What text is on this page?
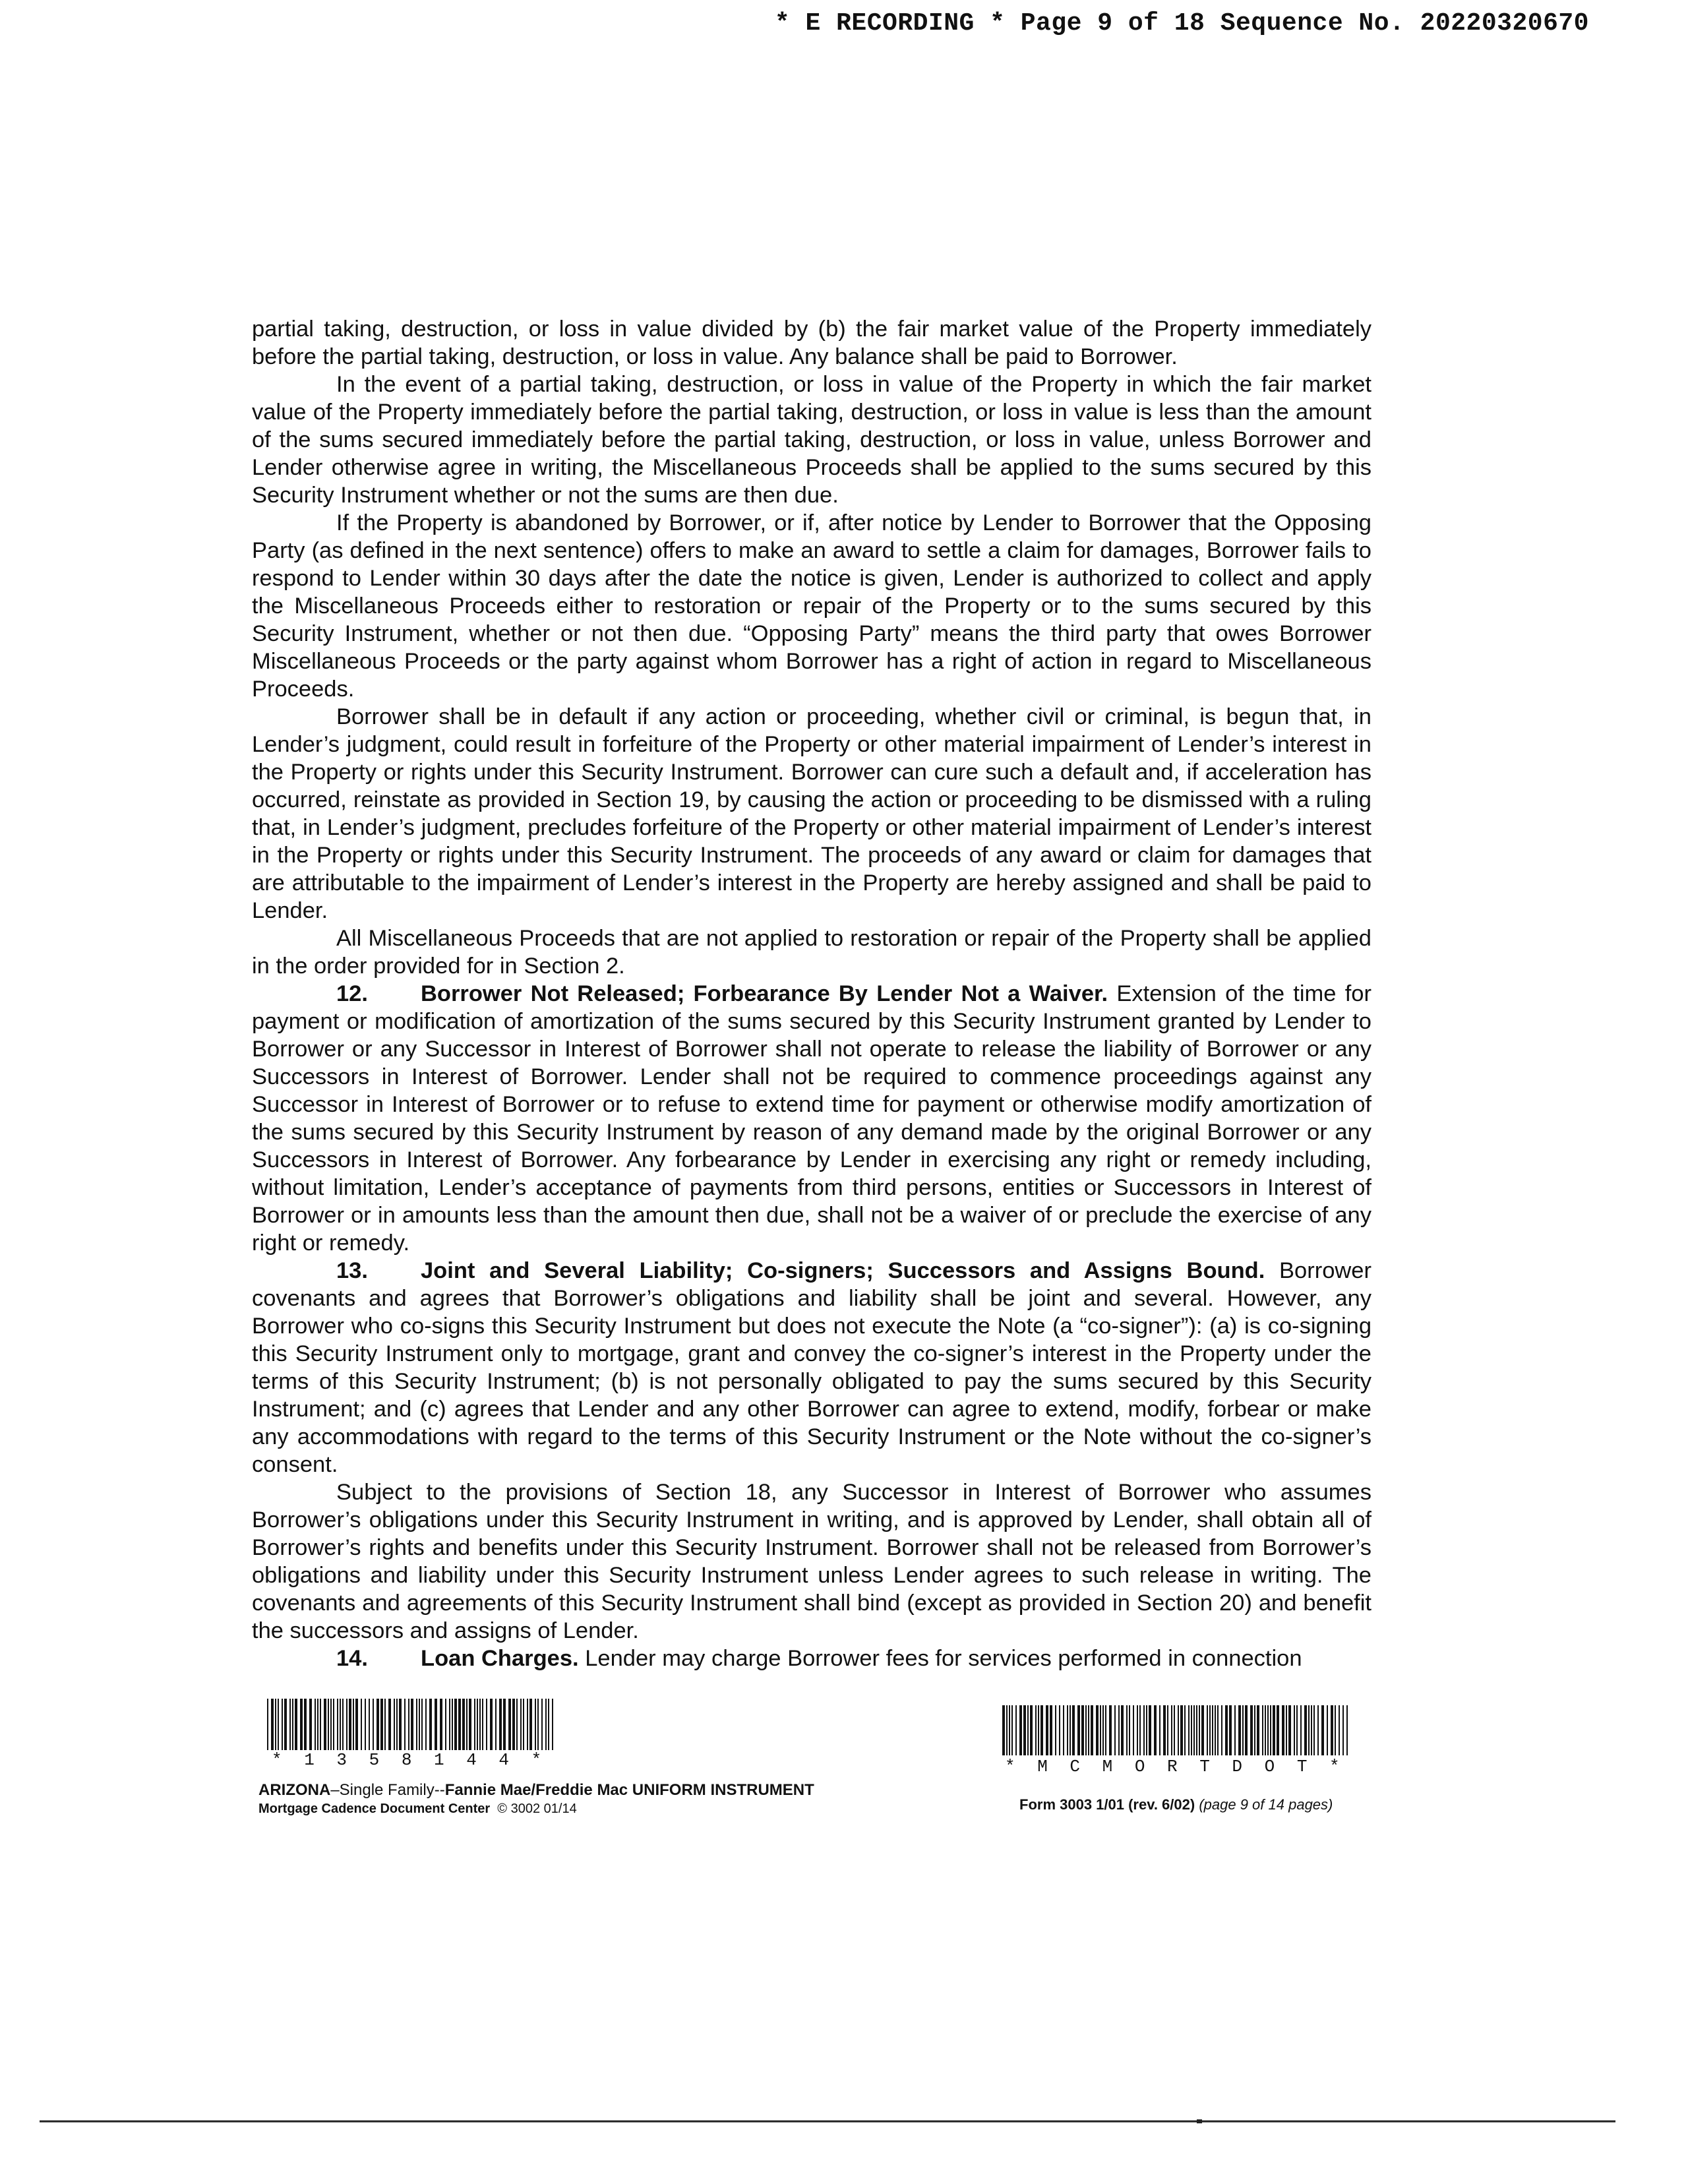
* E RECORDING * Page 9 of 18 Sequence No. 20220320670

partial taking, destruction, or loss in value divided by (b) the fair market value of the Property immediately before the partial taking, destruction, or loss in value. Any balance shall be paid to Borrower.

In the event of a partial taking, destruction, or loss in value of the Property in which the fair market value of the Property immediately before the partial taking, destruction, or loss in value is less than the amount of the sums secured immediately before the partial taking, destruction, or loss in value, unless Borrower and Lender otherwise agree in writing, the Miscellaneous Proceeds shall be applied to the sums secured by this Security Instrument whether or not the sums are then due.

If the Property is abandoned by Borrower, or if, after notice by Lender to Borrower that the Opposing Party (as defined in the next sentence) offers to make an award to settle a claim for damages, Borrower fails to respond to Lender within 30 days after the date the notice is given, Lender is authorized to collect and apply the Miscellaneous Proceeds either to restoration or repair of the Property or to the sums secured by this Security Instrument, whether or not then due. “Opposing Party” means the third party that owes Borrower Miscellaneous Proceeds or the party against whom Borrower has a right of action in regard to Miscellaneous Proceeds.

Borrower shall be in default if any action or proceeding, whether civil or criminal, is begun that, in Lender’s judgment, could result in forfeiture of the Property or other material impairment of Lender’s interest in the Property or rights under this Security Instrument. Borrower can cure such a default and, if acceleration has occurred, reinstate as provided in Section 19, by causing the action or proceeding to be dismissed with a ruling that, in Lender’s judgment, precludes forfeiture of the Property or other material impairment of Lender’s interest in the Property or rights under this Security Instrument. The proceeds of any award or claim for damages that are attributable to the impairment of Lender’s interest in the Property are hereby assigned and shall be paid to Lender.

All Miscellaneous Proceeds that are not applied to restoration or repair of the Property shall be applied in the order provided for in Section 2.

12. Borrower Not Released; Forbearance By Lender Not a Waiver. Extension of the time for payment or modification of amortization of the sums secured by this Security Instrument granted by Lender to Borrower or any Successor in Interest of Borrower shall not operate to release the liability of Borrower or any Successors in Interest of Borrower. Lender shall not be required to commence proceedings against any Successor in Interest of Borrower or to refuse to extend time for payment or otherwise modify amortization of the sums secured by this Security Instrument by reason of any demand made by the original Borrower or any Successors in Interest of Borrower. Any forbearance by Lender in exercising any right or remedy including, without limitation, Lender’s acceptance of payments from third persons, entities or Successors in Interest of Borrower or in amounts less than the amount then due, shall not be a waiver of or preclude the exercise of any right or remedy.

13. Joint and Several Liability; Co-signers; Successors and Assigns Bound. Borrower covenants and agrees that Borrower’s obligations and liability shall be joint and several. However, any Borrower who co-signs this Security Instrument but does not execute the Note (a “co-signer”): (a) is co-signing this Security Instrument only to mortgage, grant and convey the co-signer’s interest in the Property under the terms of this Security Instrument; (b) is not personally obligated to pay the sums secured by this Security Instrument; and (c) agrees that Lender and any other Borrower can agree to extend, modify, forbear or make any accommodations with regard to the terms of this Security Instrument or the Note without the co-signer’s consent.

Subject to the provisions of Section 18, any Successor in Interest of Borrower who assumes Borrower’s obligations under this Security Instrument in writing, and is approved by Lender, shall obtain all of Borrower’s rights and benefits under this Security Instrument. Borrower shall not be released from Borrower’s obligations and liability under this Security Instrument unless Lender agrees to such release in writing. The covenants and agreements of this Security Instrument shall bind (except as provided in Section 20) and benefit the successors and assigns of Lender.

14. Loan Charges. Lender may charge Borrower fees for services performed in connection

* 1 3 5 8 1 4 4 *	* M C M O R T D O T *
ARIZONA–Single Family--Fannie Mae/Freddie Mac UNIFORM INSTRUMENT
Mortgage Cadence Document Center © 3002 01/14	Form 3003 1/01 (rev. 6/02) (page 9 of 14 pages)
